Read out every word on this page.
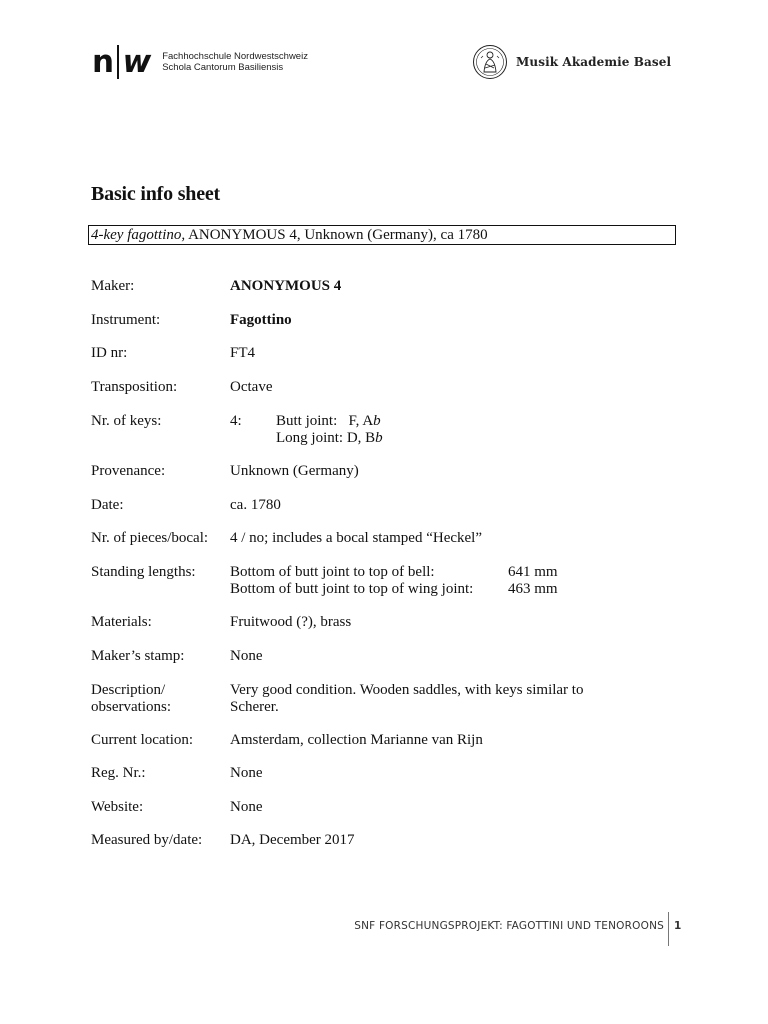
n w Fachhochschule Nordwestschweiz
Schola Cantorum Basiliensis	Musik Akademie Basel
Basic info sheet
4-key fagottino, ANONYMOUS 4, Unknown (Germany), ca 1780
Maker:	ANONYMOUS 4
Instrument:	Fagottino
ID nr:	FT4
Transposition:	Octave
Nr. of keys:	4: Butt joint:   F, Ab
Long joint: D, Bb
Provenance:	Unknown (Germany)
Date:	ca. 1780
Nr. of pieces/bocal:	4 / no; includes a bocal stamped “Heckel”
Standing lengths:	Bottom of butt joint to top of bell:	641 mm

Bottom of butt joint to top of wing joint: 463 mm
Materials:	Fruitwood (?), brass
Maker’s stamp:	None
Description/
observations:
Very good condition. Wooden saddles, with keys similar to
Scherer.
Current location:	Amsterdam, collection Marianne van Rijn
Reg. Nr.:	None
Website:	None
Measured by/date:	DA, December 2017
SNF FORSCHUNGSPROJEKT: FAGOTTINI UND TENOROONS 1
